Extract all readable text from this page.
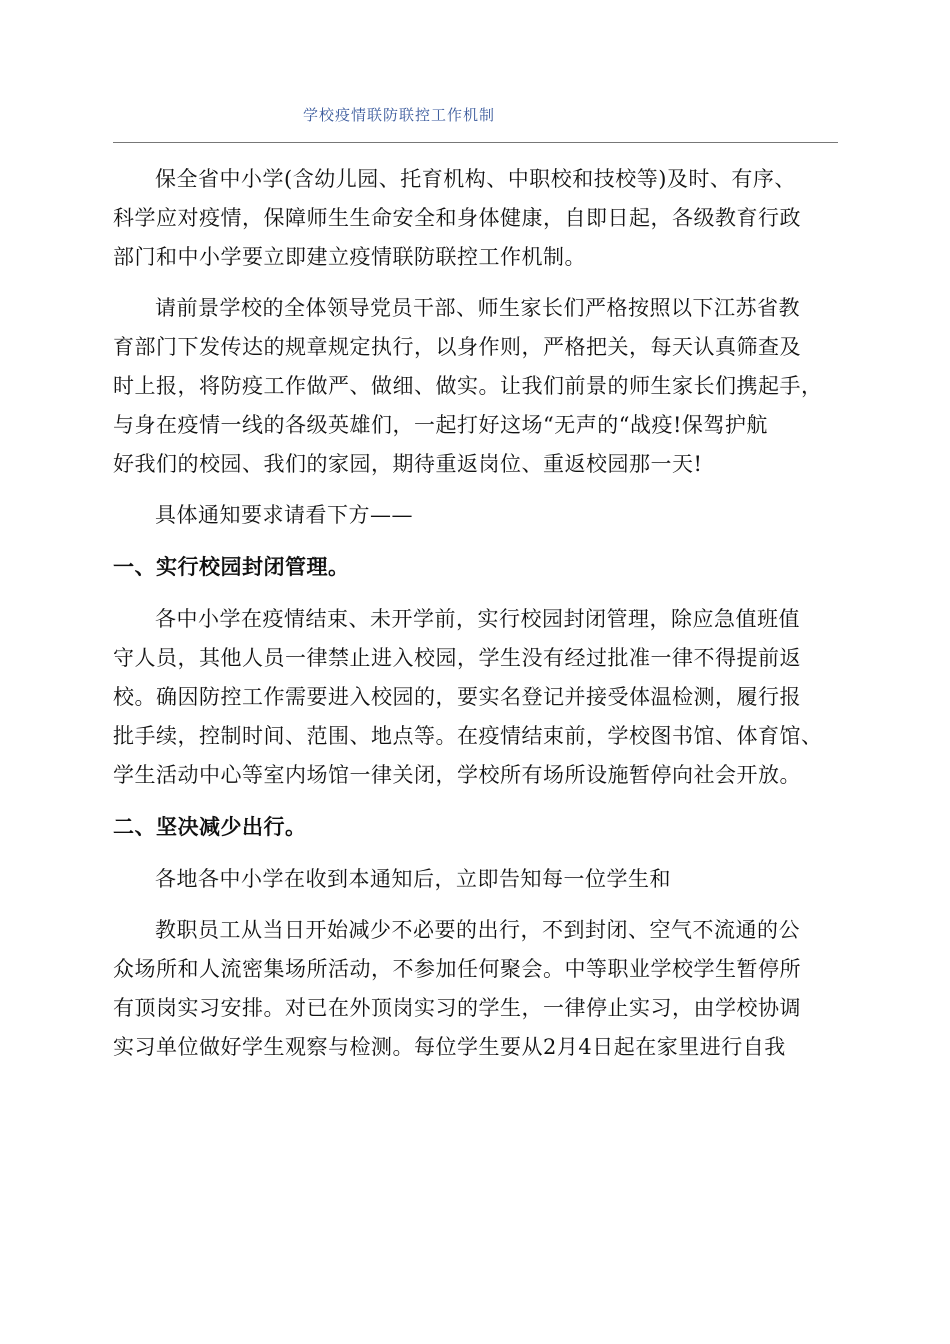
学校疫情联防联控工作机制
保全省中小学(含幼儿园、托育机构、中职校和技校等)及时、有序、
科学应对疫情，保障师生生命安全和身体健康，自即日起，各级教育行政
部门和中小学要立即建立疫情联防联控工作机制。
请前景学校的全体领导党员干部、师生家长们严格按照以下江苏省教
育部门下发传达的规章规定执行，以身作则，严格把关，每天认真筛查及
时上报，将防疫工作做严、做细、做实。让我们前景的师生家长们携起手，
与身在疫情一线的各级英雄们，一起打好这场“无声的“战疫!保驾护航
好我们的校园、我们的家园，期待重返岗位、重返校园那一天!
具体通知要求请看下方——
一、实行校园封闭管理。
各中小学在疫情结束、未开学前，实行校园封闭管理，除应急值班值
守人员，其他人员一律禁止进入校园，学生没有经过批准一律不得提前返
校。确因防控工作需要进入校园的，要实名登记并接受体温检测，履行报
批手续，控制时间、范围、地点等。在疫情结束前，学校图书馆、体育馆、
学生活动中心等室内场馆一律关闭，学校所有场所设施暂停向社会开放。
二、坚决减少出行。
各地各中小学在收到本通知后，立即告知每一位学生和
教职员工从当日开始减少不必要的出行，不到封闭、空气不流通的公
众场所和人流密集场所活动，不参加任何聚会。中等职业学校学生暂停所
有顶岗实习安排。对已在外顶岗实习的学生，一律停止实习，由学校协调
实习单位做好学生观察与检测。每位学生要从2月4日起在家里进行自我
